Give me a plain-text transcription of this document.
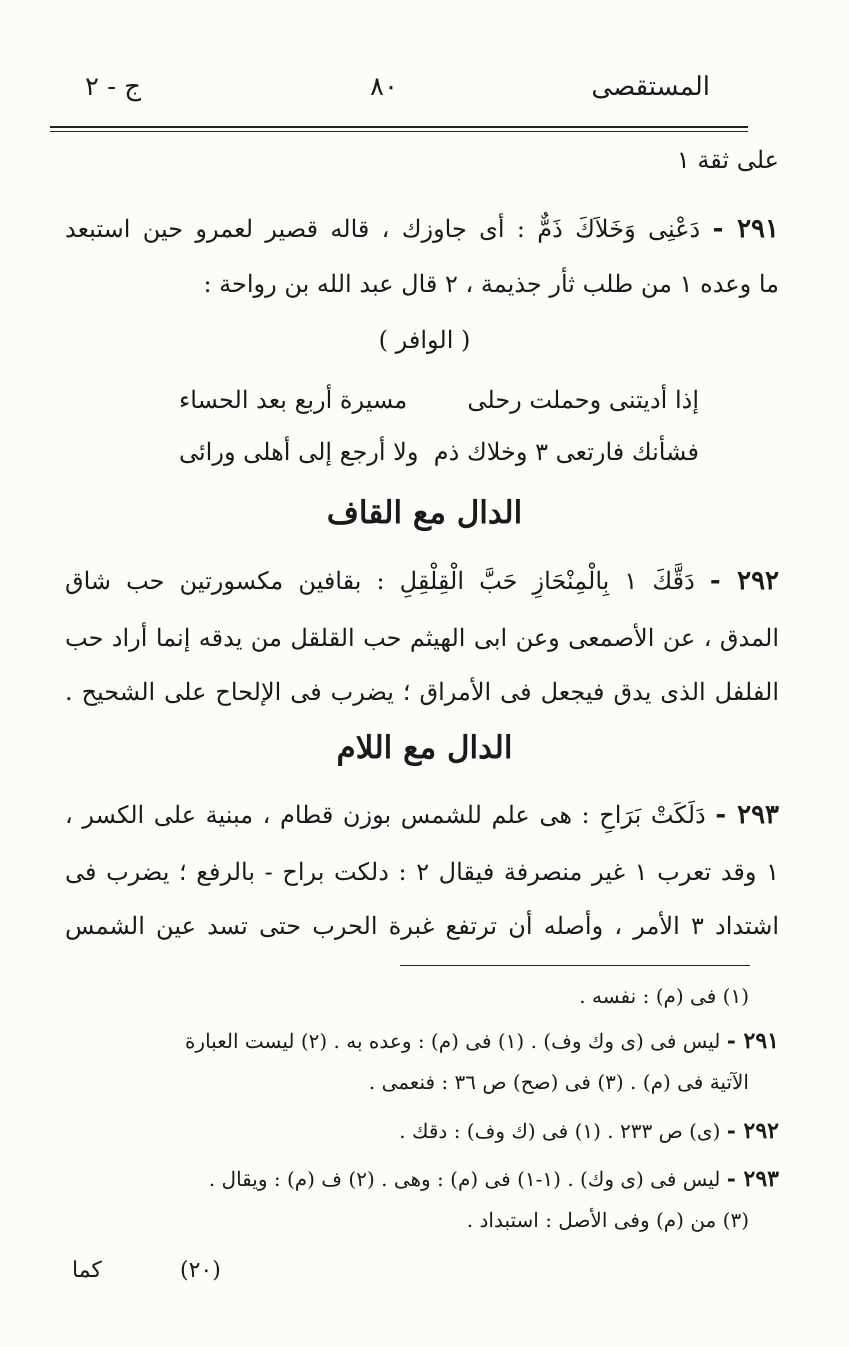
المستقصى
٨٠
ج - ٢
على ثقة ١
٢٩١ - دَعْنِى وَخَلاَكَ ذَمٌّ : أى جاوزك ، قاله قصير لعمرو حين استبعد
ما وعده ١ من طلب ثأر جذيمة ، ٢ قال عبد الله بن رواحة :
( الوافر )
إذا أديتنى وحملت رحلى
مسيرة أربع بعد الحساء
فشأنك فارتعى ٣ وخلاك ذم
ولا أرجع إلى أهلى ورائى
الدال مع القاف
٢٩٢ - دَقَّكَ ١ بِالْمِنْحَازِ حَبَّ الْقِلْقِلِ : بقافين مكسورتين حب شاق
المدق ، عن الأصمعى وعن ابى الهيثم حب القلقل من يدقه إنما أراد حب
الفلفل الذى يدق فيجعل فى الأمراق ؛ يضرب فى الإلحاح على الشحيح .
الدال مع اللام
٢٩٣ - دَلَكَتْ بَرَاحِ : هى علم للشمس بوزن قطام ، مبنية على الكسر ،
١ وقد تعرب ١ غير منصرفة فيقال ٢ : دلكت براح - بالرفع ؛ يضرب فى
اشتداد ٣ الأمر ، وأصله أن ترتفع غبرة الحرب حتى تسد عين الشمس
(١) فى (م) : نفسه .
٢٩١ - ليس فى (ى وك وف) . (١) فى (م) : وعده به . (٢) ليست العبارة
الآتية فى (م) . (٣) فى (صح) ص ٣٦ : فنعمى .
٢٩٢ - (ى) ص ٢٣٣ . (١) فى (ك وف) : دقك .
٢٩٣ - ليس فى (ى وك) . (١-١) فى (م) : وهى . (٢) ف (م) : ويقال .
(٣) من (م) وفى الأصل : استبداد .
(٢٠)
كما
